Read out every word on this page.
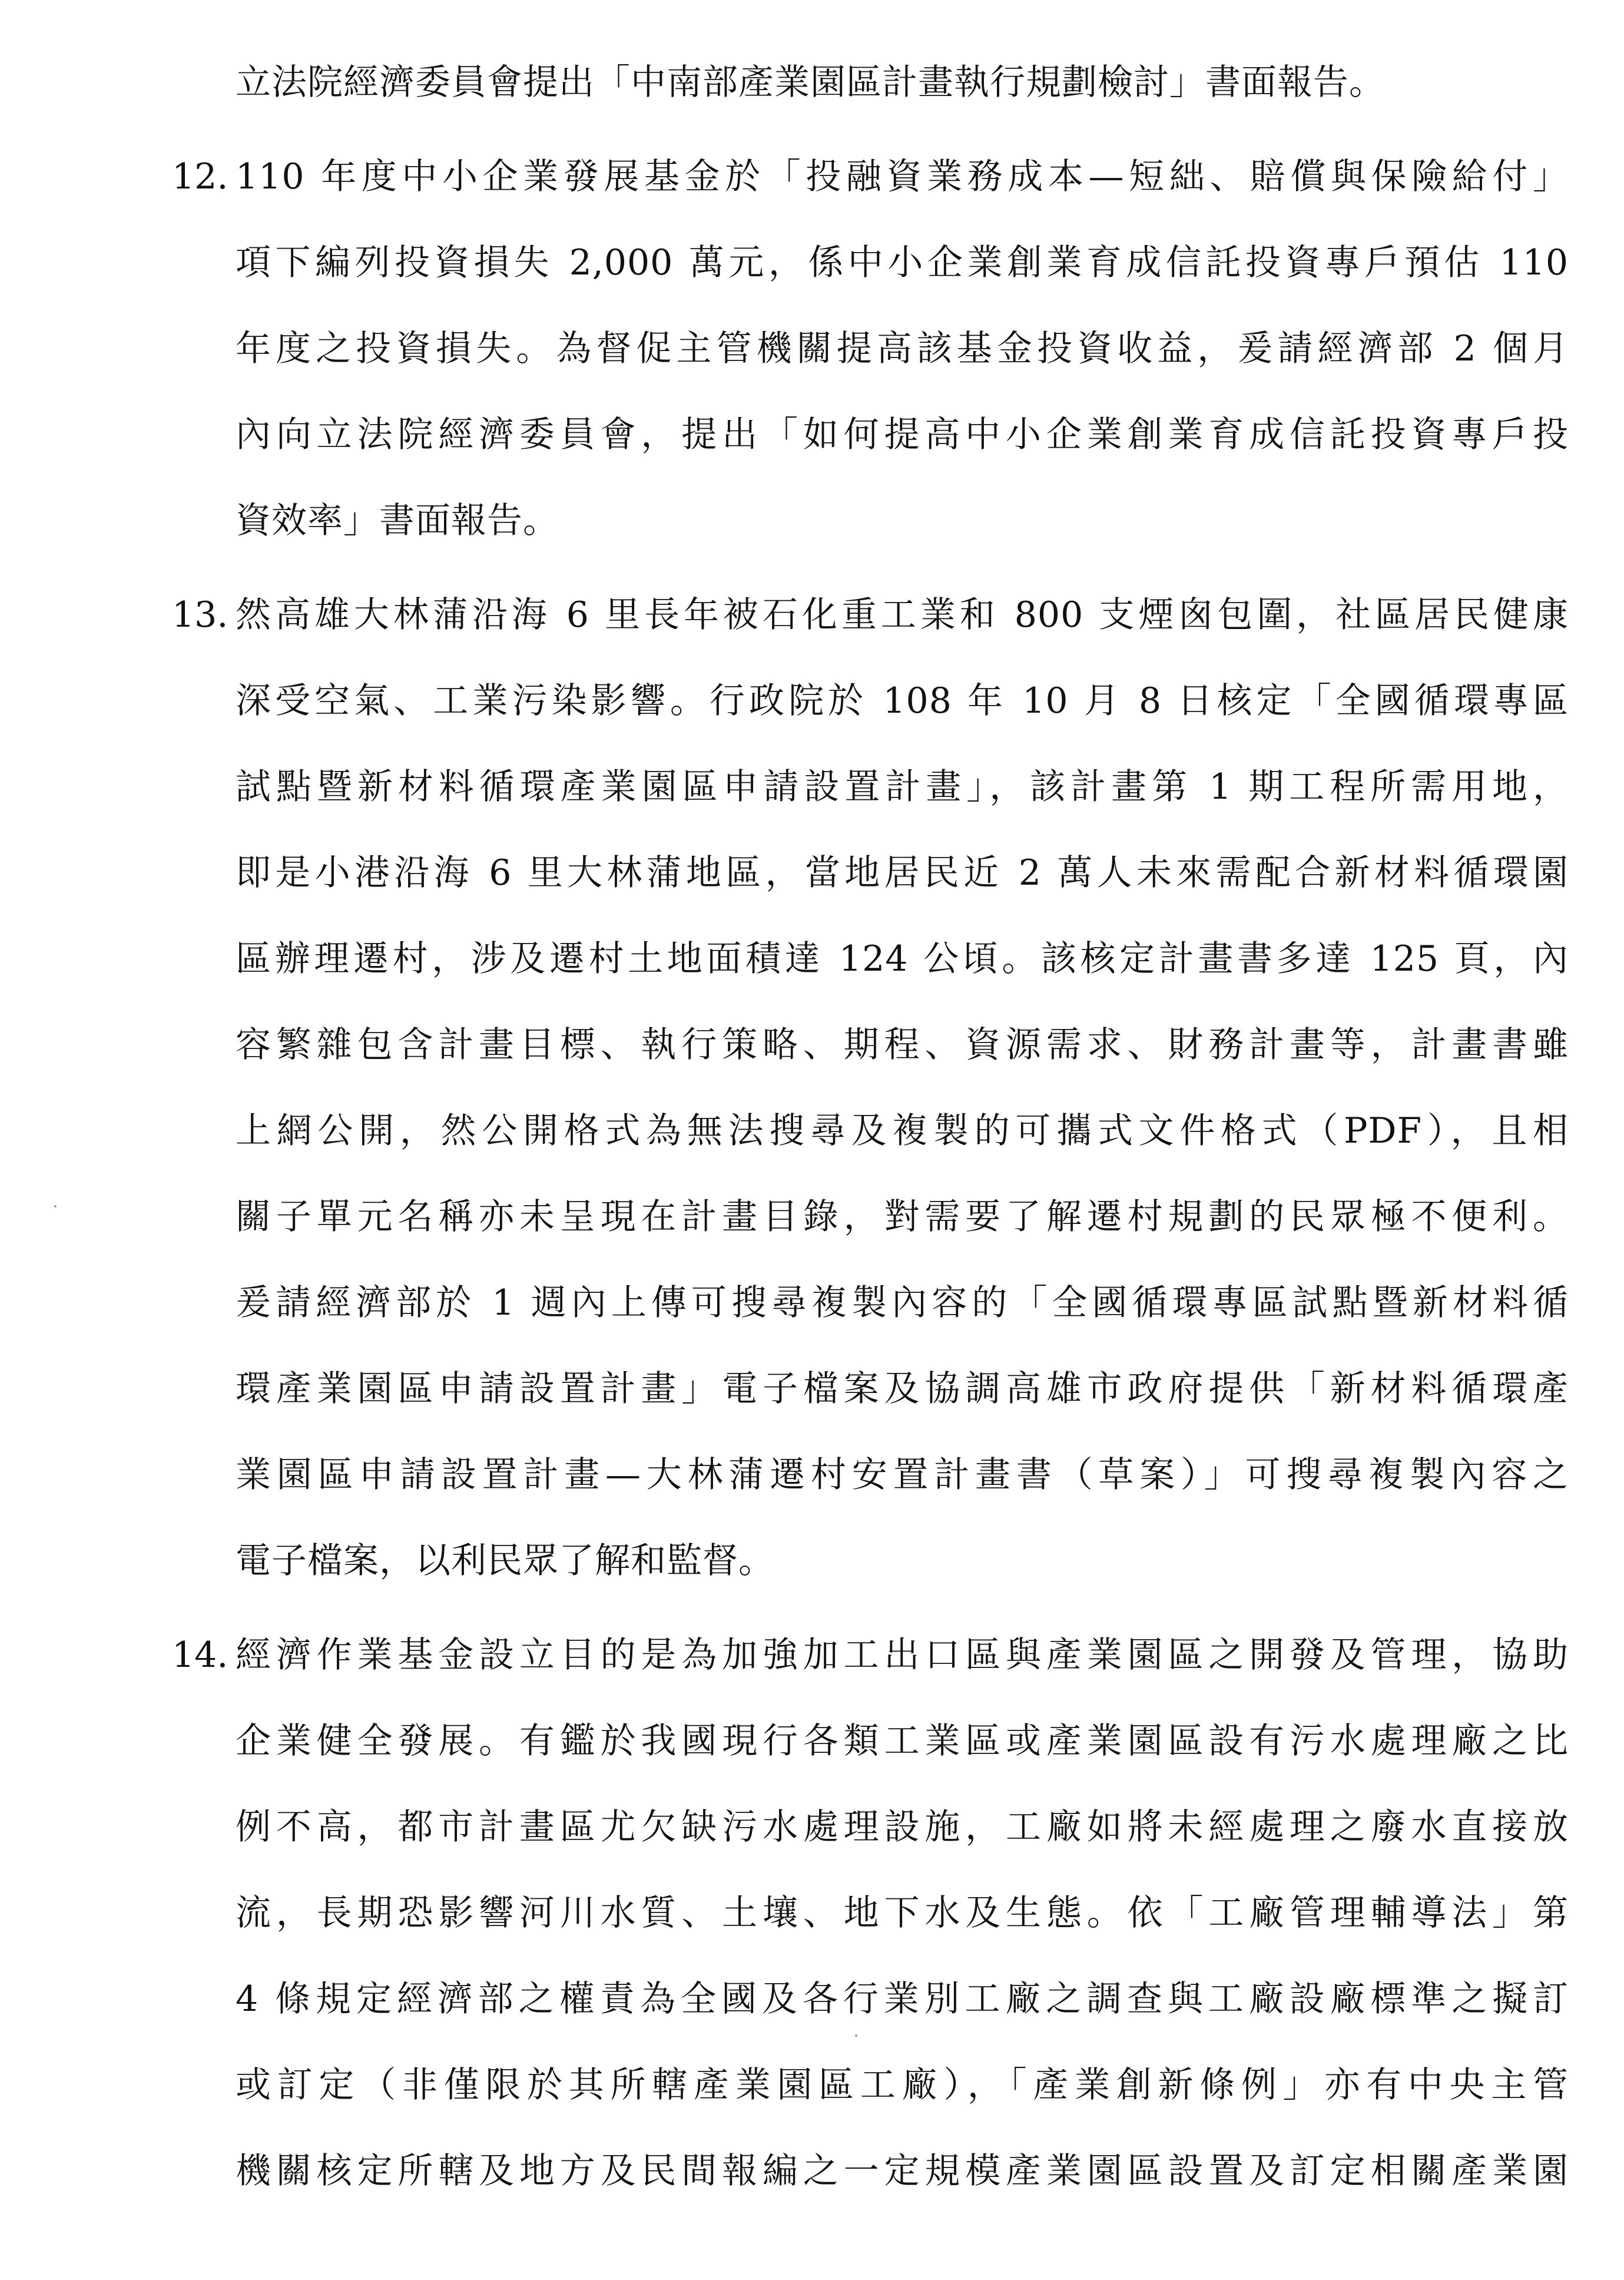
立法院經濟委員會提出「中南部產業園區計畫執行規劃檢討」書面報告。
12. 110 年度中小企業發展基金於「投融資業務成本—短絀、賠償與保險給付」
項下編列投資損失 2,000 萬元，係中小企業創業育成信託投資專戶預估 110
年度之投資損失。為督促主管機關提高該基金投資收益，爰請經濟部 2 個月
內向立法院經濟委員會，提出「如何提高中小企業創業育成信託投資專戶投
資效率」書面報告。
13. 然高雄大林蒲沿海 6 里長年被石化重工業和 800 支煙囪包圍，社區居民健康
深受空氣、工業污染影響。行政院於 108 年 10 月 8 日核定「全國循環專區
試點暨新材料循環產業園區申請設置計畫」，該計畫第 1 期工程所需用地，
即是小港沿海 6 里大林蒲地區，當地居民近 2 萬人未來需配合新材料循環園
區辦理遷村，涉及遷村土地面積達 124 公頃。該核定計畫書多達 125 頁，內
容繁雜包含計畫目標、執行策略、期程、資源需求、財務計畫等，計畫書雖
上網公開，然公開格式為無法搜尋及複製的可攜式文件格式（PDF），且相
關子單元名稱亦未呈現在計畫目錄，對需要了解遷村規劃的民眾極不便利。
爰請經濟部於 1 週內上傳可搜尋複製內容的「全國循環專區試點暨新材料循
環產業園區申請設置計畫」電子檔案及協調高雄市政府提供「新材料循環產
業園區申請設置計畫—大林蒲遷村安置計畫書（草案）」可搜尋複製內容之
電子檔案，以利民眾了解和監督。
14. 經濟作業基金設立目的是為加強加工出口區與產業園區之開發及管理，協助
企業健全發展。有鑑於我國現行各類工業區或產業園區設有污水處理廠之比
例不高，都市計畫區尤欠缺污水處理設施，工廠如將未經處理之廢水直接放
流，長期恐影響河川水質、土壤、地下水及生態。依「工廠管理輔導法」第
4 條規定經濟部之權責為全國及各行業別工廠之調查與工廠設廠標準之擬訂
或訂定（非僅限於其所轄產業園區工廠），「產業創新條例」亦有中央主管
機關核定所轄及地方及民間報編之一定規模產業園區設置及訂定相關產業園
